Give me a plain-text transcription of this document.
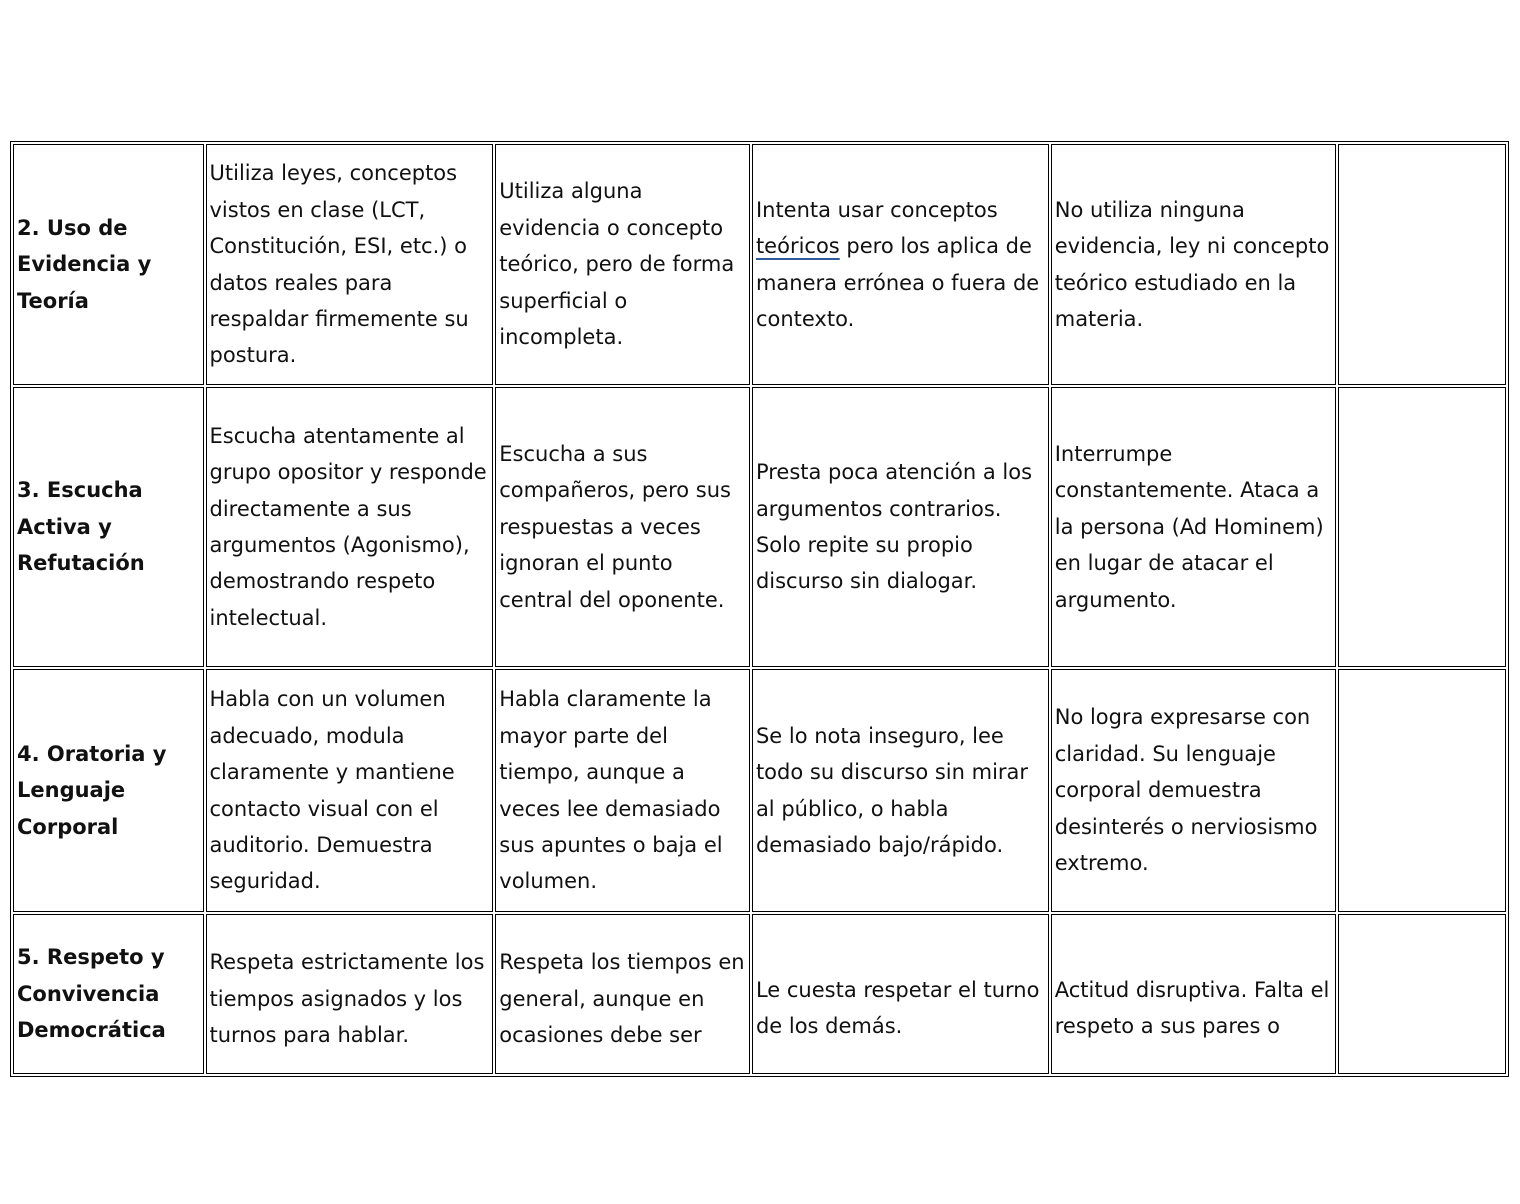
2. Uso de Evidencia y Teoría	Utiliza leyes, conceptos vistos en clase (LCT, Constitución, ESI, etc.) o datos reales para respaldar firmemente su postura.	Utiliza alguna evidencia o concepto teórico, pero de forma superficial o incompleta.	Intenta usar conceptos teóricos pero los aplica de manera errónea o fuera de contexto.	No utiliza ninguna evidencia, ley ni concepto teórico estudiado en la materia.	
3. Escucha Activa y Refutación	Escucha atentamente al grupo opositor y responde directamente a sus argumentos (Agonismo), demostrando respeto intelectual.	Escucha a sus compañeros, pero sus respuestas a veces ignoran el punto central del oponente.	Presta poca atención a los argumentos contrarios. Solo repite su propio discurso sin dialogar.	Interrumpe constantemente. Ataca a la persona (Ad Hominem) en lugar de atacar el argumento.	
4. Oratoria y Lenguaje Corporal	Habla con un volumen adecuado, modula claramente y mantiene contacto visual con el auditorio. Demuestra seguridad.	Habla claramente la mayor parte del tiempo, aunque a veces lee demasiado sus apuntes o baja el volumen.	Se lo nota inseguro, lee todo su discurso sin mirar al público, o habla demasiado bajo/rápido.	No logra expresarse con claridad. Su lenguaje corporal demuestra desinterés o nerviosismo extremo.	
5. Respeto y Convivencia Democrática	Respeta estrictamente los tiempos asignados y los turnos para hablar.	Respeta los tiempos en general, aunque en ocasiones debe ser	Le cuesta respetar el turno de los demás.	Actitud disruptiva. Falta el respeto a sus pares o	
